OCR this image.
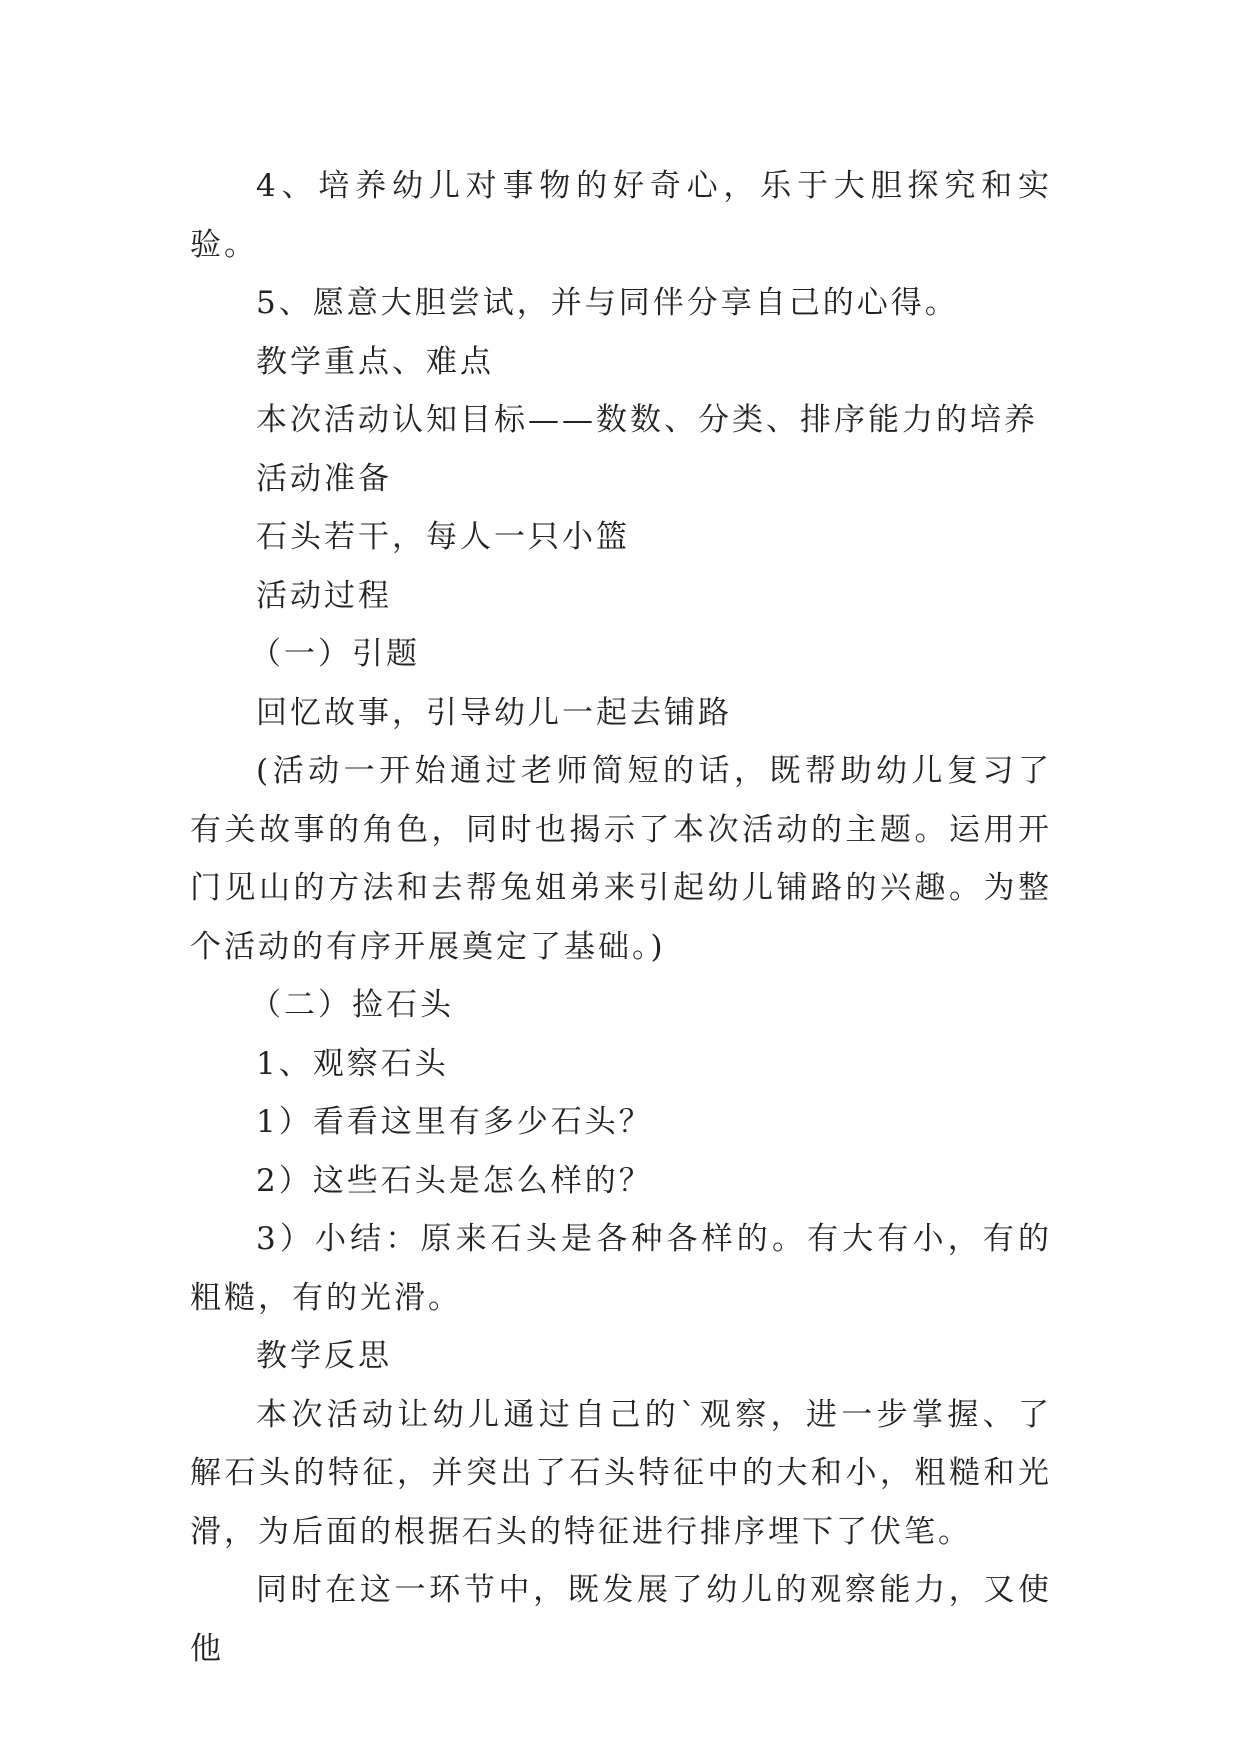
4、培养幼儿对事物的好奇心，乐于大胆探究和实验。

5、愿意大胆尝试，并与同伴分享自己的心得。

教学重点、难点

本次活动认知目标——数数、分类、排序能力的培养

活动准备

石头若干，每人一只小篮

活动过程

（一）引题

回忆故事，引导幼儿一起去铺路

(活动一开始通过老师简短的话，既帮助幼儿复习了有关故事的角色，同时也揭示了本次活动的主题。运用开门见山的方法和去帮兔姐弟来引起幼儿铺路的兴趣。为整个活动的有序开展奠定了基础。)

（二）捡石头

1、观察石头

1）看看这里有多少石头？

2）这些石头是怎么样的？

3）小结：原来石头是各种各样的。有大有小，有的粗糙，有的光滑。

教学反思

本次活动让幼儿通过自己的`观察，进一步掌握、了解石头的特征，并突出了石头特征中的大和小，粗糙和光滑，为后面的根据石头的特征进行排序埋下了伏笔。

同时在这一环节中，既发展了幼儿的观察能力，又使他
